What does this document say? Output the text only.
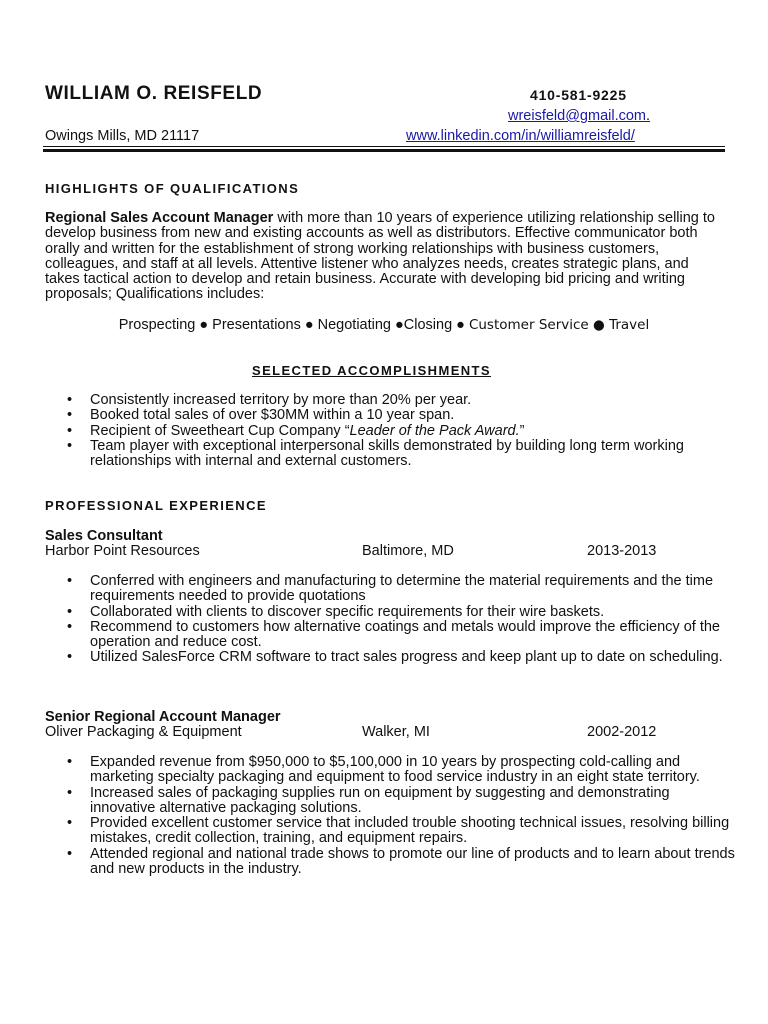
WILLIAM O. REISFELD	410-581-9225
wreisfeld@gmail.com.
Owings Mills, MD 21117	www.linkedin.com/in/williamreisfeld/
HIGHLIGHTS OF QUALIFICATIONS
Regional Sales Account Manager with more than 10 years of experience utilizing relationship selling to develop business from new and existing accounts as well as distributors. Effective communicator both orally and written for the establishment of strong working relationships with business customers, colleagues, and staff at all levels. Attentive listener who analyzes needs, creates strategic plans, and takes tactical action to develop and retain business. Accurate with developing bid pricing and writing proposals; Qualifications includes:
Prospecting ● Presentations ● Negotiating ●Closing ● Customer Service ● Travel
SELECTED ACCOMPLISHMENTS
• Consistently increased territory by more than 20% per year.
• Booked total sales of over $30MM within a 10 year span.
• Recipient of Sweetheart Cup Company “Leader of the Pack Award.”
• Team player with exceptional interpersonal skills demonstrated by building long term working relationships with internal and external customers.
PROFESSIONAL EXPERIENCE
Sales Consultant
Harbor Point Resources	Baltimore, MD	2013-2013
• Conferred with engineers and manufacturing to determine the material requirements and the time requirements needed to provide quotations
• Collaborated with clients to discover specific requirements for their wire baskets.
• Recommend to customers how alternative coatings and metals would improve the efficiency of the operation and reduce cost.
• Utilized SalesForce CRM software to tract sales progress and keep plant up to date on scheduling.
Senior Regional Account Manager
Oliver Packaging & Equipment	Walker, MI	2002-2012
• Expanded revenue from $950,000 to $5,100,000 in 10 years by prospecting cold-calling and marketing specialty packaging and equipment to food service industry in an eight state territory.
• Increased sales of packaging supplies run on equipment by suggesting and demonstrating innovative alternative packaging solutions.
• Provided excellent customer service that included trouble shooting technical issues, resolving billing mistakes, credit collection, training, and equipment repairs.
• Attended regional and national trade shows to promote our line of products and to learn about trends and new products in the industry.
